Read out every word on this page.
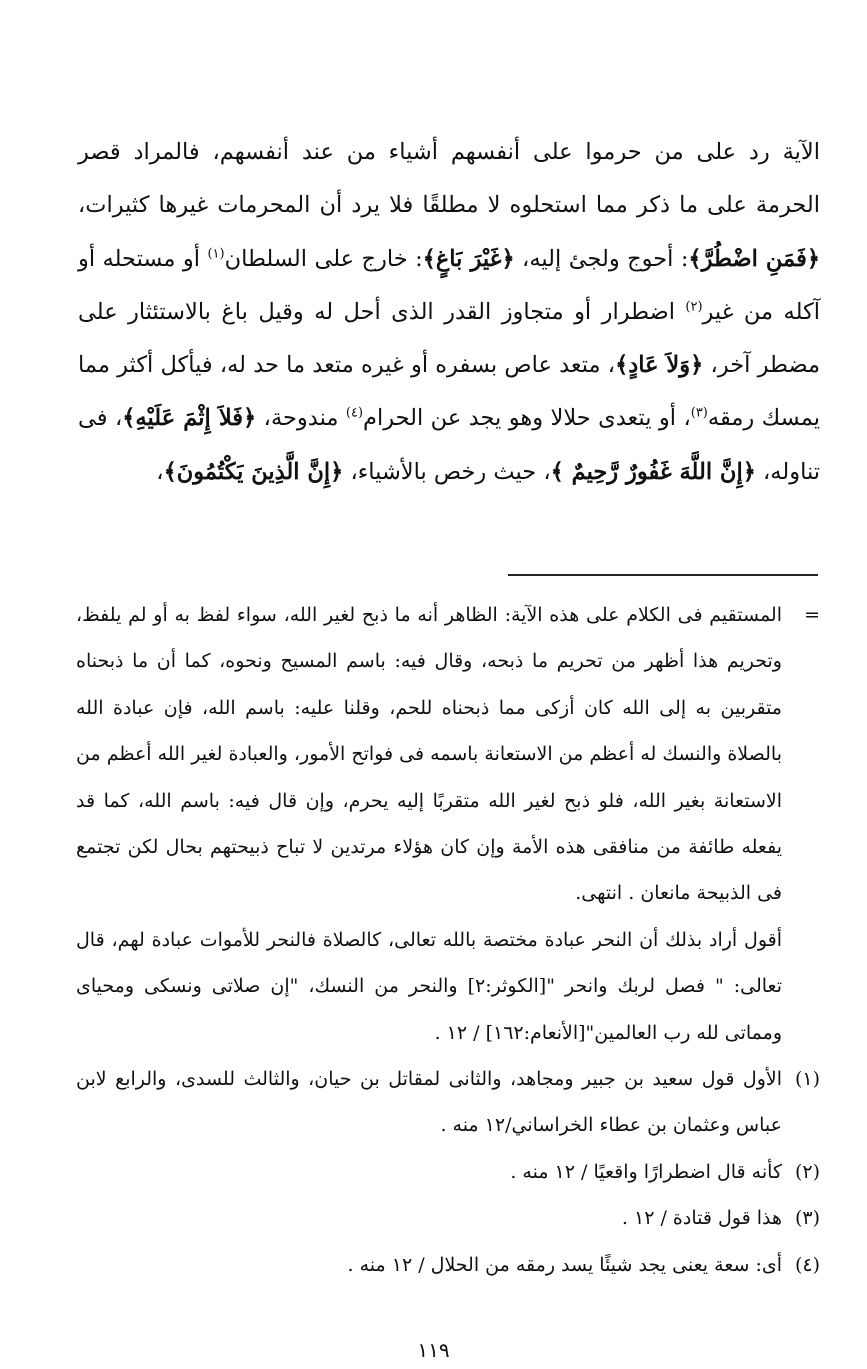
الآية رد على من حرموا على أنفسهم أشياء من عند أنفسهم، فالمراد قصر الحرمة على ما ذكر مما استحلوه لا مطلقًا فلا يرد أن المحرمات غيرها كثيرات، ﴿فَمَنِ اضْطُرَّ﴾: أحوج ولجئ إليه، ﴿غَيْرَ بَاغٍ﴾: خارج على السلطان$^{(١)}$ أو مستحله أو آكله من غير$^{(٢)}$ اضطرار أو متجاوز القدر الذى أحل له وقيل باغ بالاستئثار على مضطر آخر، ﴿وَلاَ عَادٍ﴾، متعد عاص بسفره أو غيره متعد ما حد له، فيأكل أكثر مما يمسك رمقه$^{(٣)}$، أو يتعدى حلالا وهو يجد عن الحرام$^{(٤)}$ مندوحة، ﴿فَلاَ إِثْمَ عَلَيْهِ﴾، فى تناوله، ﴿إِنَّ اللَّهَ غَفُورٌ رَّحِيمٌ ﴾، حيث رخص بالأشياء، ﴿إِنَّ الَّذِينَ يَكْتُمُونَ﴾،

=

المستقيم فى الكلام على هذه الآية: الظاهر أنه ما ذبح لغير الله، سواء لفظ به أو لم يلفظ، وتحريم هذا أظهر من تحريم ما ذبحه، وقال فيه: باسم المسيح ونحوه، كما أن ما ذبحناه متقربين به إلى الله كان أزكى مما ذبحناه للحم، وقلنا عليه: باسم الله، فإن عبادة الله بالصلاة والنسك له أعظم من الاستعانة باسمه فى فواتح الأمور، والعبادة لغير الله أعظم من الاستعانة بغير الله، فلو ذبح لغير الله متقربًا إليه يحرم، وإن قال فيه: باسم الله، كما قد يفعله طائفة من منافقى هذه الأمة وإن كان هؤلاء مرتدين لا تباح ذبيحتهم بحال لكن تجتمع فى الذبيحة مانعان . انتهى.

أقول أراد بذلك أن النحر عبادة مختصة بالله تعالى، كالصلاة فالنحر للأموات عبادة لهم، قال تعالى: " فصل لربك وانحر "[الكوثر:٢] والنحر من النسك، "إن صلاتى ونسكى ومحياى ومماتى لله رب العالمين"[الأنعام:١٦٢] / ١٢ .

(١)

الأول قول سعيد بن جبير ومجاهد، والثانى لمقاتل بن حيان، والثالث للسدى، والرابع لابن عباس وعثمان بن عطاء الخراساني/١٢ منه .

(٢)

كأنه قال اضطرارًا واقعيًا / ١٢ منه .

(٣)

هذا قول قتادة / ١٢ .

(٤)

أى: سعة يعنى يجد شيئًا يسد رمقه من الحلال / ١٢ منه .

١١٩
